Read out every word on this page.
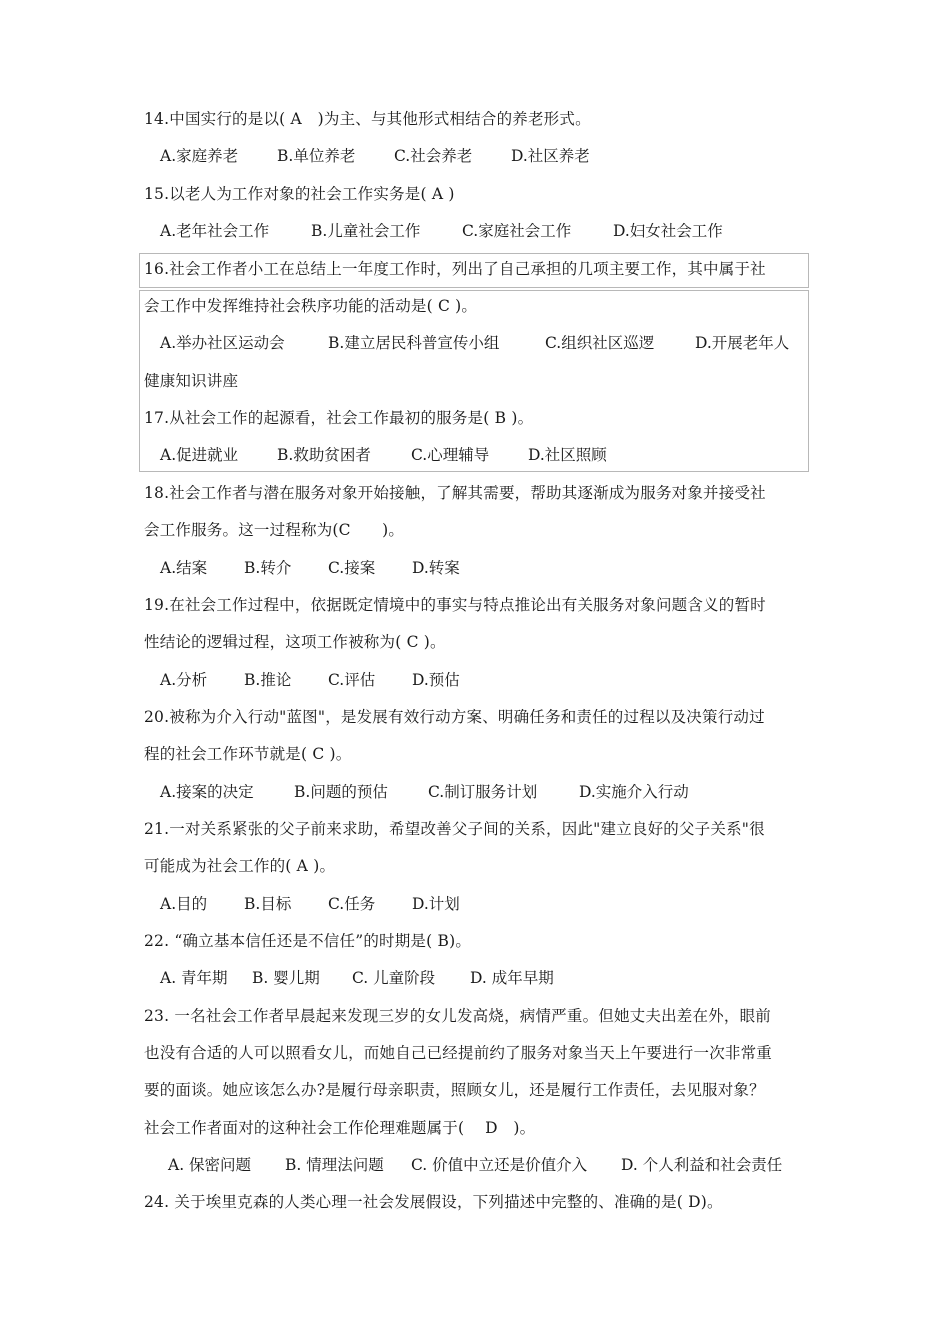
14.中国实行的是以( A　)为主、与其他形式相结合的养老形式。
A.家庭养老	B.单位养老 C.社会养老	D.社区养老
15.以老人为工作对象的社会工作实务是( A )
A.老年社会工作	B.儿童社会工作	C.家庭社会工作	D.妇女社会工作
16.社会工作者小工在总结上一年度工作时，列出了自己承担的几项主要工作，其中属于社
会工作中发挥维持社会秩序功能的活动是( C )。
A.举办社区运动会	B.建立居民科普宣传小组	C.组织社区巡逻	D.开展老年人
健康知识讲座
17.从社会工作的起源看，社会工作最初的服务是( B )。
A.促进就业	B.救助贫困者	C.心理辅导	D.社区照顾
18.社会工作者与潜在服务对象开始接触，了解其需要，帮助其逐渐成为服务对象并接受社
会工作服务。这一过程称为(C　　)。
A.结案 B.转介 C.接案 D.转案
19.在社会工作过程中，依据既定情境中的事实与特点推论出有关服务对象问题含义的暂时
性结论的逻辑过程，这项工作被称为( C )。
A.分析 B.推论 C.评估 D.预估
20.被称为介入行动"蓝图"，是发展有效行动方案、明确任务和责任的过程以及决策行动过
程的社会工作环节就是( C )。
A.接案的决定	B.问题的预估	C.制订服务计划	D.实施介入行动
21.一对关系紧张的父子前来求助，希望改善父子间的关系，因此"建立良好的父子关系"很
可能成为社会工作的( A )。
A.目的 B.目标 C.任务 D.计划
22. “确立基本信任还是不信任”的时期是( B)。
A. 青年期 B. 婴儿期 C. 儿童阶段 D. 成年早期
23. 一名社会工作者早晨起来发现三岁的女儿发高烧，病情严重。但她丈夫出差在外，眼前
也没有合适的人可以照看女儿，而她自己已经提前约了服务对象当天上午要进行一次非常重
要的面谈。她应该怎么办?是履行母亲职责，照顾女儿，还是履行工作责任，去见服对象？
社会工作者面对的这种社会工作伦理难题属于(　 D　)。
A. 保密问题 B. 情理法问题 C. 价值中立还是价值介入 D. 个人利益和社会责任
24. 关于埃里克森的人类心理一社会发展假设，下列描述中完整的、准确的是( D)。
